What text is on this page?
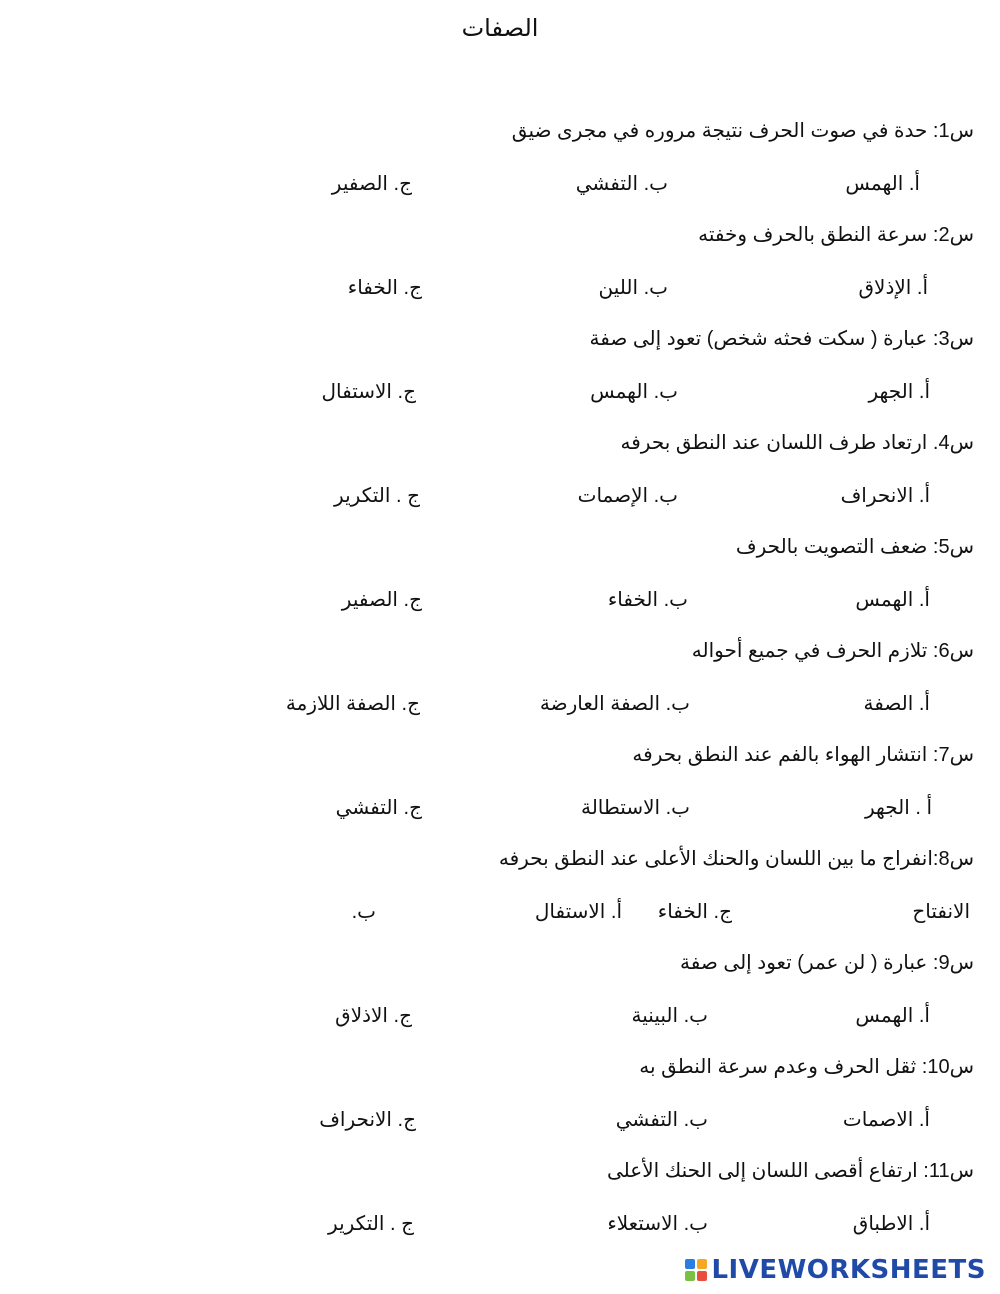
الصفات
س1: حدة في صوت الحرف نتيجة مروره في مجرى ضيق
أ. الهمس
ب. التفشي
ج. الصفير
س2: سرعة النطق بالحرف وخفته
أ. الإذلاق
ب. اللين
ج. الخفاء
س3: عبارة ( سكت فحثه شخص) تعود إلى صفة
أ. الجهر
ب. الهمس
ج. الاستفال
س4. ارتعاد طرف اللسان عند النطق بحرفه
أ. الانحراف
ب. الإصمات
ج . التكرير
س5: ضعف التصويت بالحرف
أ. الهمس
ب. الخفاء
ج. الصفير
س6: تلازم الحرف في جميع أحواله
أ. الصفة
ب. الصفة العارضة
ج. الصفة اللازمة
س7: انتشار الهواء بالفم عند النطق بحرفه
أ . الجهر
ب. الاستطالة
ج. التفشي
س8:انفراج ما بين اللسان والحنك الأعلى عند النطق بحرفه
الانفتاح
ج. الخفاء
أ. الاستفال
ب.
س9: عبارة ( لن عمر) تعود إلى صفة
أ. الهمس
ب. البينية
ج. الاذلاق
س10: ثقل الحرف وعدم سرعة النطق به
أ. الاصمات
ب. التفشي
ج. الانحراف
س11: ارتفاع أقصى اللسان إلى الحنك الأعلى
أ. الاطباق
ب. الاستعلاء
ج . التكرير
LIVEWORKSHEETS
